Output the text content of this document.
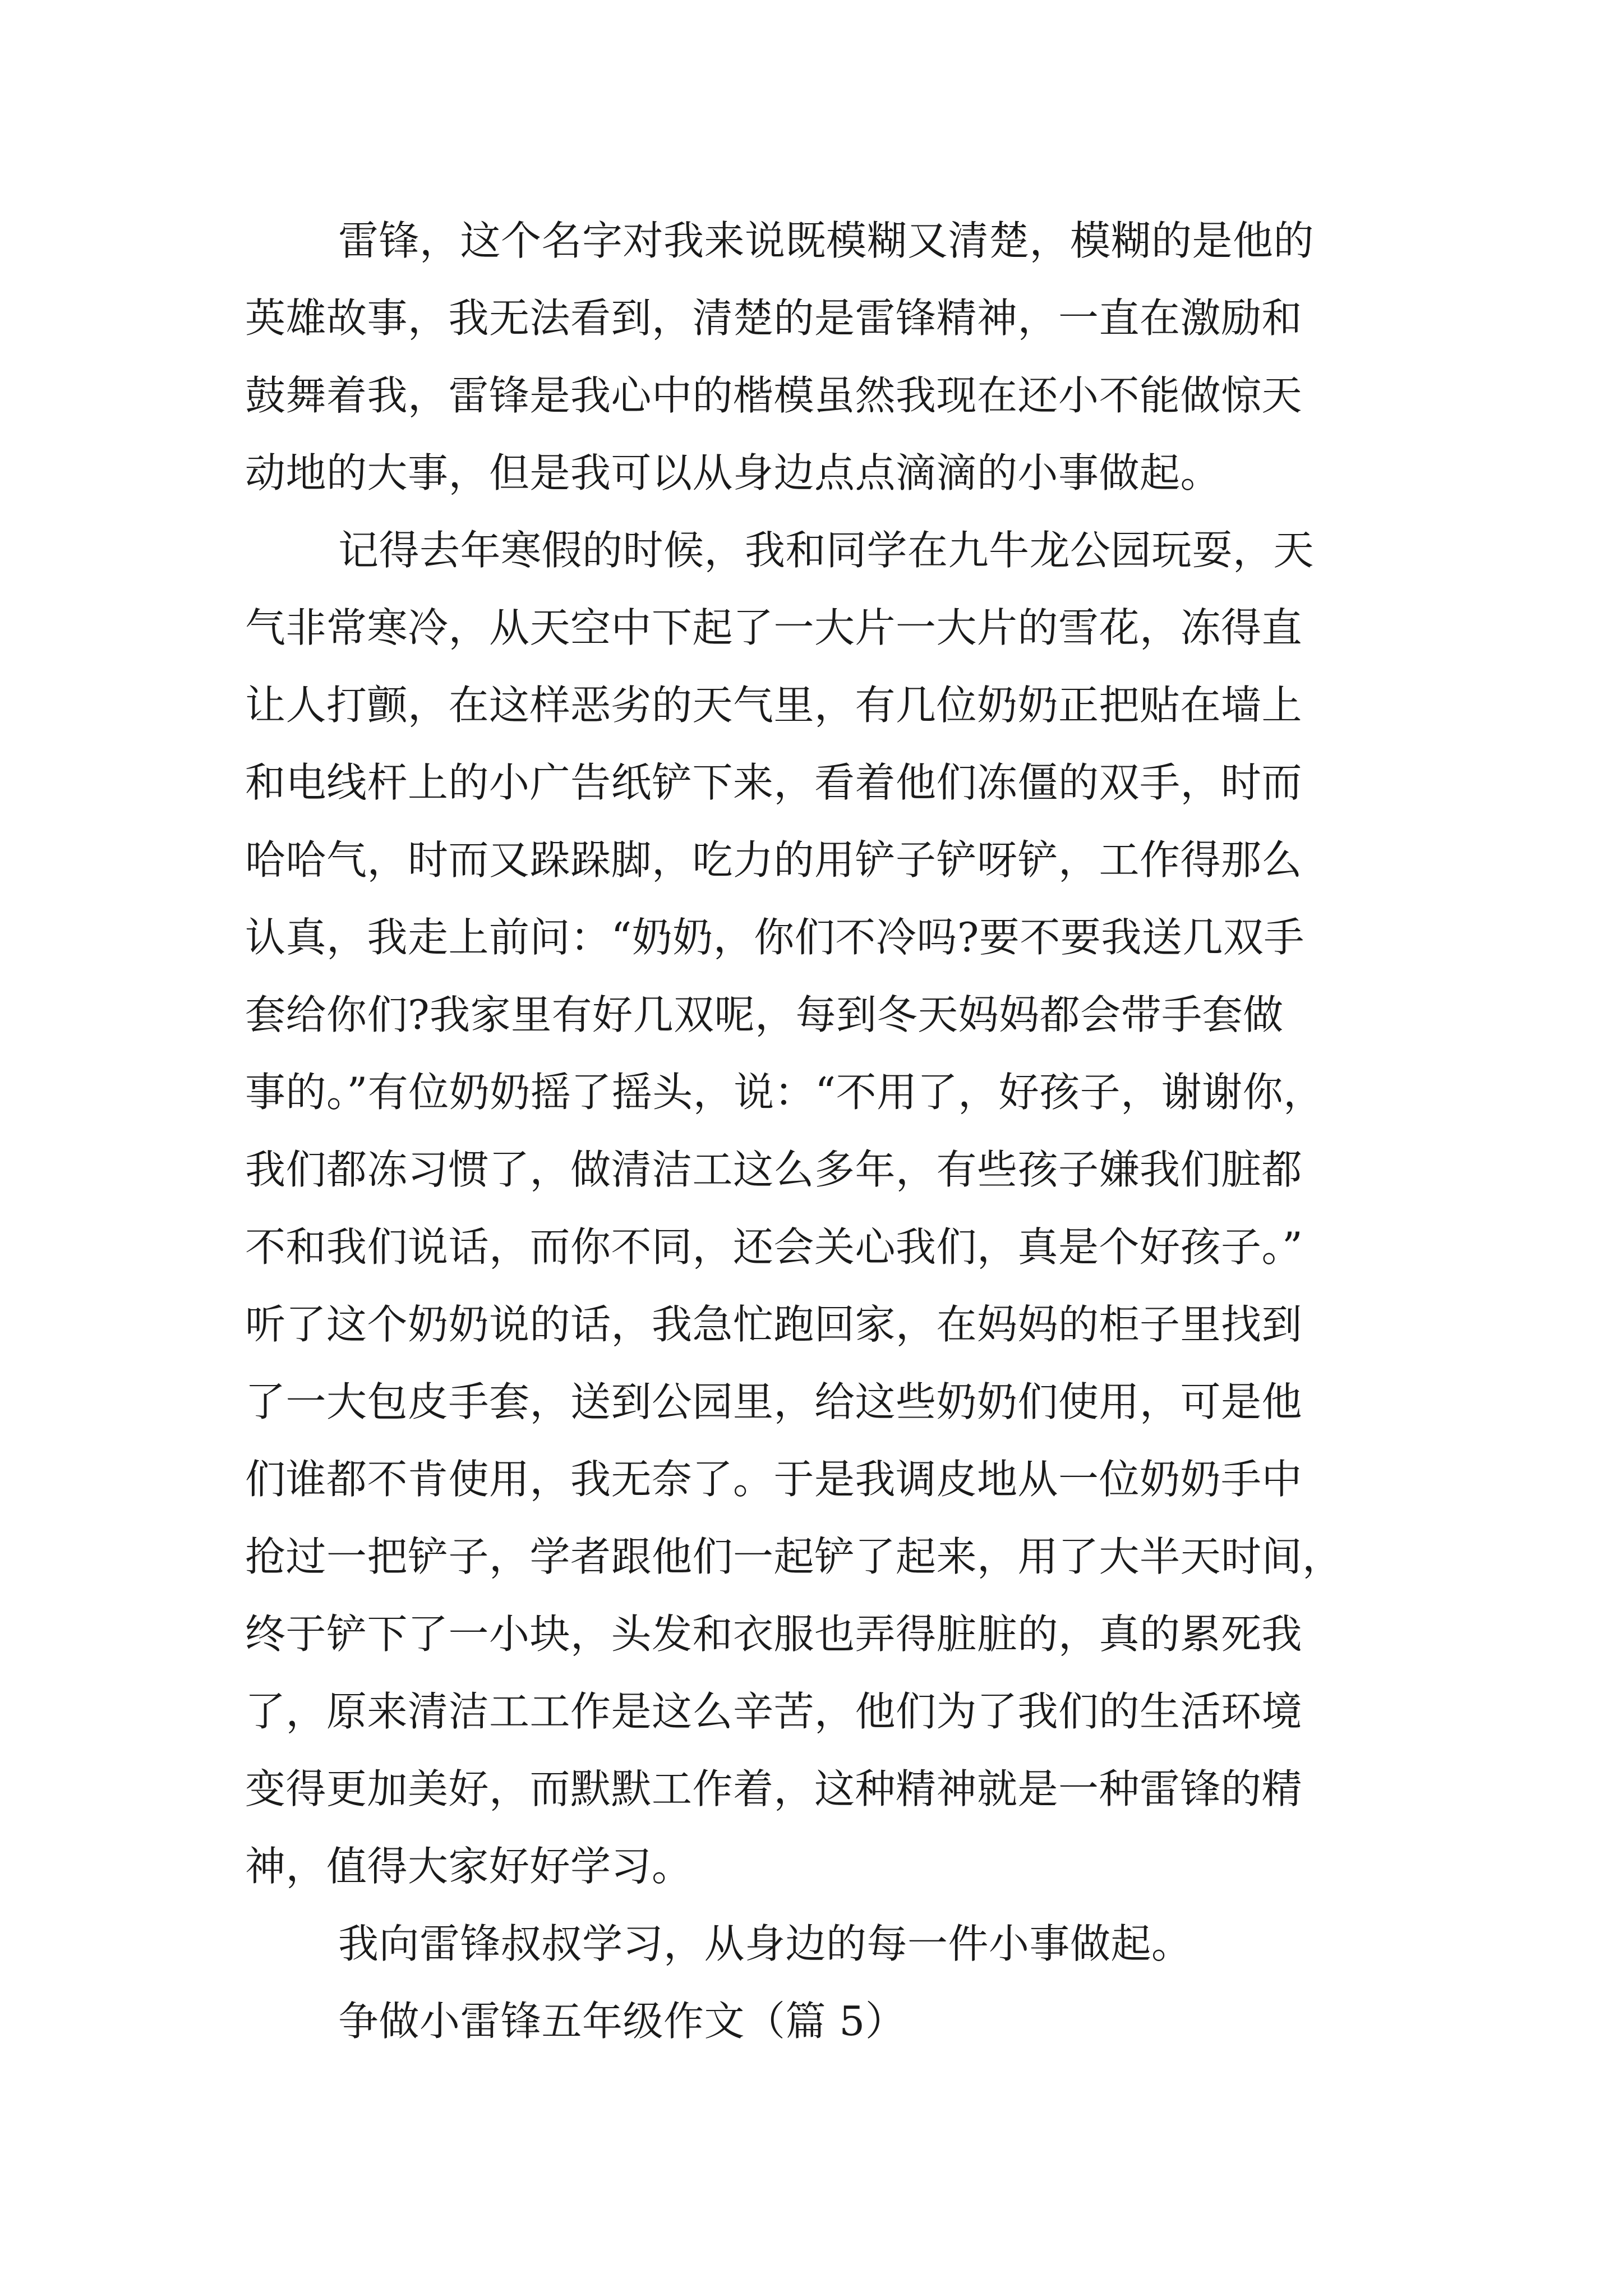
雷锋，这个名字对我来说既模糊又清楚，模糊的是他的
英雄故事，我无法看到，清楚的是雷锋精神，一直在激励和
鼓舞着我，雷锋是我心中的楷模虽然我现在还小不能做惊天
动地的大事，但是我可以从身边点点滴滴的小事做起。
记得去年寒假的时候，我和同学在九牛龙公园玩耍，天
气非常寒冷，从天空中下起了一大片一大片的雪花，冻得直
让人打颤，在这样恶劣的天气里，有几位奶奶正把贴在墙上
和电线杆上的小广告纸铲下来，看着他们冻僵的双手，时而
哈哈气，时而又跺跺脚，吃力的用铲子铲呀铲，工作得那么
认真，我走上前问：“奶奶，你们不冷吗?要不要我送几双手
套给你们?我家里有好几双呢，每到冬天妈妈都会带手套做
事的。”有位奶奶摇了摇头，说：“不用了，好孩子，谢谢你，
我们都冻习惯了，做清洁工这么多年，有些孩子嫌我们脏都
不和我们说话，而你不同，还会关心我们，真是个好孩子。”
听了这个奶奶说的话，我急忙跑回家，在妈妈的柜子里找到
了一大包皮手套，送到公园里，给这些奶奶们使用，可是他
们谁都不肯使用，我无奈了。于是我调皮地从一位奶奶手中
抢过一把铲子，学者跟他们一起铲了起来，用了大半天时间，
终于铲下了一小块，头发和衣服也弄得脏脏的，真的累死我
了，原来清洁工工作是这么辛苦，他们为了我们的生活环境
变得更加美好，而默默工作着，这种精神就是一种雷锋的精
神，值得大家好好学习。
我向雷锋叔叔学习，从身边的每一件小事做起。
争做小雷锋五年级作文（篇 5）
